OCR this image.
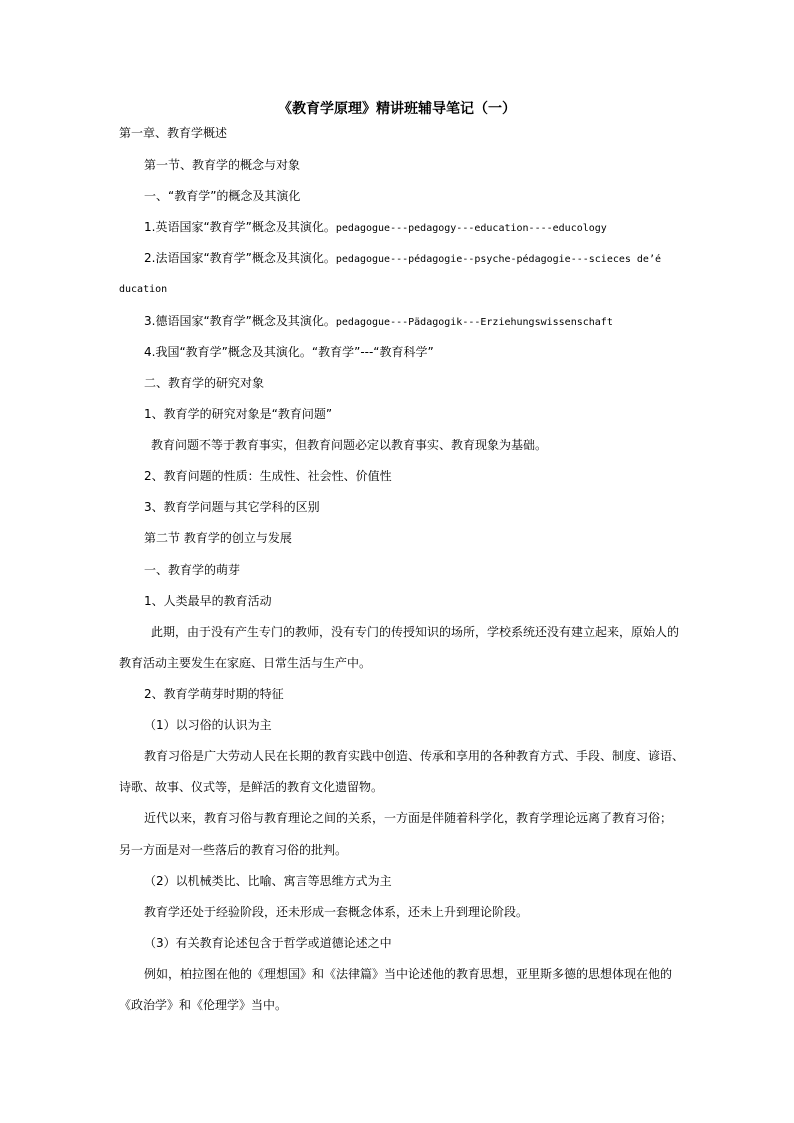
《教育学原理》精讲班辅导笔记（一）
第一章、教育学概述
第一节、教育学的概念与对象
一、“教育学”的概念及其演化
1.英语国家“教育学”概念及其演化。pedagogue---pedagogy---education----educology
2.法语国家“教育学”概念及其演化。pedagogue---pédagogie--psyche-pédagogie---scieces de’é
ducation
3.德语国家“教育学”概念及其演化。pedagogue---Pädagogik---Erziehungswissenschaft
4.我国“教育学”概念及其演化。“教育学”---“教育科学”
二、教育学的研究对象
1、教育学的研究对象是“教育问题”
教育问题不等于教育事实，但教育问题必定以教育事实、教育现象为基础。
2、教育问题的性质：生成性、社会性、价值性
3、教育学问题与其它学科的区别
第二节 教育学的创立与发展
一、教育学的萌芽
1、人类最早的教育活动
此期，由于没有产生专门的教师，没有专门的传授知识的场所，学校系统还没有建立起来，原始人的
教育活动主要发生在家庭、日常生活与生产中。
2、教育学萌芽时期的特征
（1）以习俗的认识为主
教育习俗是广大劳动人民在长期的教育实践中创造、传承和享用的各种教育方式、手段、制度、谚语、
诗歌、故事、仪式等，是鲜活的教育文化遗留物。
近代以来，教育习俗与教育理论之间的关系，一方面是伴随着科学化，教育学理论远离了教育习俗；
另一方面是对一些落后的教育习俗的批判。
（2）以机械类比、比喻、寓言等思维方式为主
教育学还处于经验阶段，还未形成一套概念体系，还未上升到理论阶段。
（3）有关教育论述包含于哲学或道德论述之中
例如，柏拉图在他的《理想国》和《法律篇》当中论述他的教育思想，亚里斯多德的思想体现在他的
《政治学》和《伦理学》当中。
